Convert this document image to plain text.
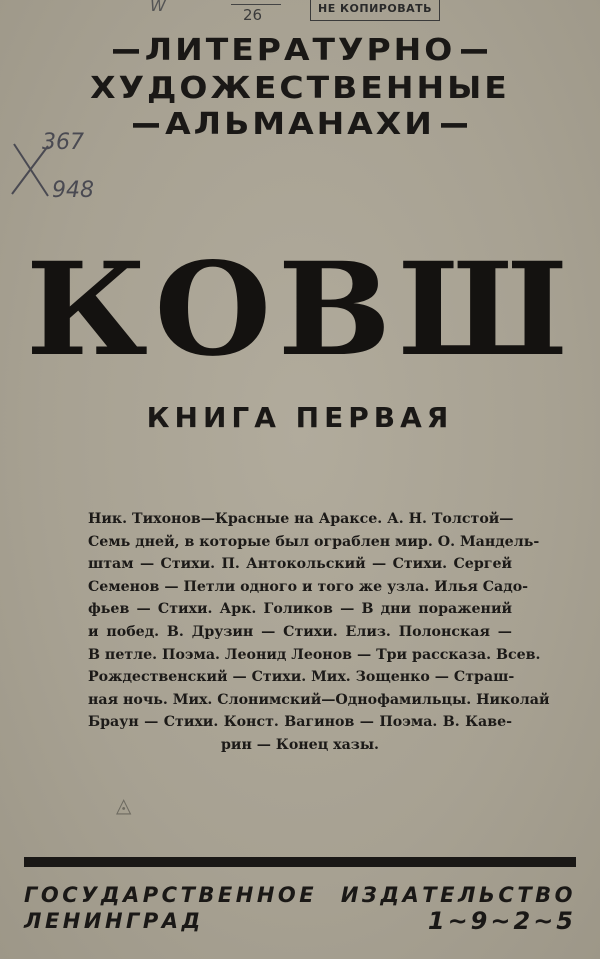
W	26	НЕ КОПИРОВАТЬ
367
948
ЛИТЕРАТУРНО
ХУДОЖЕСТВЕННЫЕ
АЛЬМАНАХИ
КОВШ
КНИГА ПЕРВАЯ
Ник. Тихонов—Красные на Араксе. А. Н. Толстой—
Семь дней, в которые был ограблен мир. О. Мандель-
штам — Стихи. П. Антокольский — Стихи. Сергей
Семенов — Петли одного и того же узла. Илья Садо-
фьев — Стихи. Арк. Голиков — В дни поражений
и побед. В. Друзин — Стихи. Елиз. Полонская —
В петле. Поэма. Леонид Леонов — Три рассказа. Всев.
Рождественский — Стихи. Мих. Зощенко — Страш-
ная ночь. Мих. Слонимский—Однофамильцы. Николай
Браун — Стихи. Конст. Вагинов — Поэма. В. Каве-
рин — Конец хазы.
◬
ГОСУДАРСТВЕННОЕ ИЗДАТЕЛЬСТВО
ЛЕНИНГРАД	1~9~2~5
